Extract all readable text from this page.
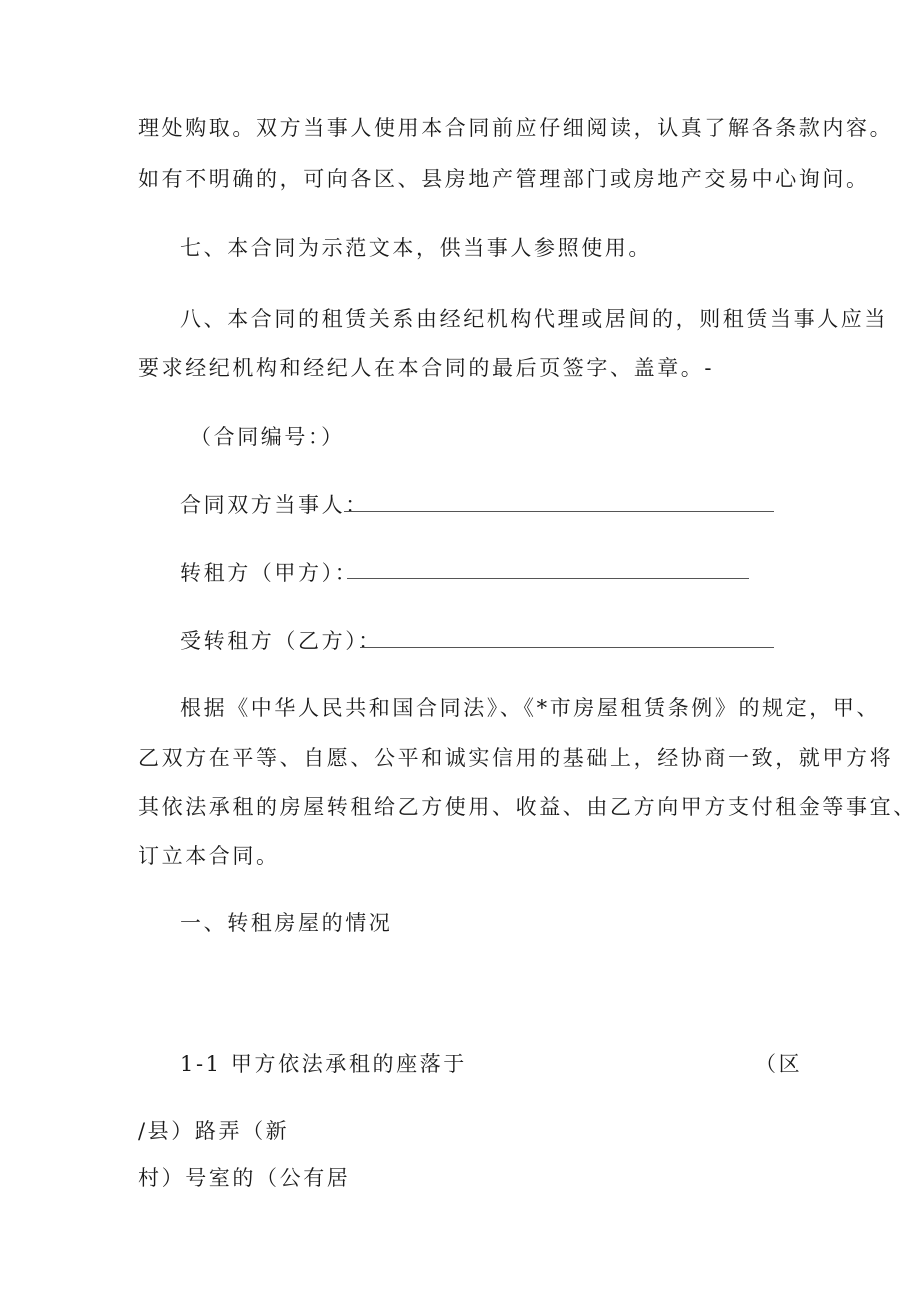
理处购取。双方当事人使用本合同前应仔细阅读，认真了解各条款内容。

如有不明确的，可向各区、县房地产管理部门或房地产交易中心询问。

七、本合同为示范文本，供当事人参照使用。

八、本合同的租赁关系由经纪机构代理或居间的，则租赁当事人应当

要求经纪机构和经纪人在本合同的最后页签字、盖章。-

（合同编号：）

合同双方当事人：

转租方（甲方）：

受转租方（乙方）：

根据《中华人民共和国合同法》、《*市房屋租赁条例》的规定，甲、

乙双方在平等、自愿、公平和诚实信用的基础上，经协商一致，就甲方将

其依法承租的房屋转租给乙方使用、收益、由乙方向甲方支付租金等事宜、

订立本合同。

一、转租房屋的情况

1-1 甲方依法承租的座落于	（区

/县）路弄（新

村）号室的（公有居
